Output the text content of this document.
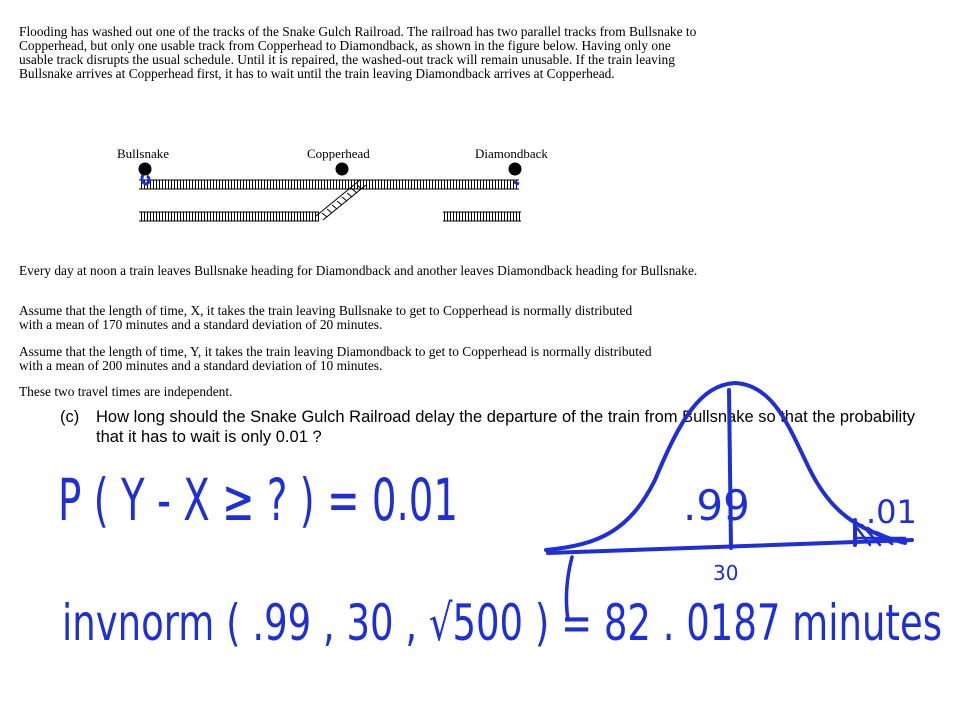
Flooding has washed out one of the tracks of the Snake Gulch Railroad. The railroad has two parallel tracks from Bullsnake to Copperhead, but only one usable track from Copperhead to Diamondback, as shown in the figure below. Having only one usable track disrupts the usual schedule. Until it is repaired, the washed-out track will remain unusable. If the train leaving Bullsnake arrives at Copperhead first, it has to wait until the train leaving Diamondback arrives at Copperhead.

Bullsnake	Copperhead	Diamondback

Every day at noon a train leaves Bullsnake heading for Diamondback and another leaves Diamondback heading for Bullsnake.

Assume that the length of time, X, it takes the train leaving Bullsnake to get to Copperhead is normally distributed with a mean of 170 minutes and a standard deviation of 20 minutes.

Assume that the length of time, Y, it takes the train leaving Diamondback to get to Copperhead is normally distributed with a mean of 200 minutes and a standard deviation of 10 minutes.

These two travel times are independent.

(c) How long should the Snake Gulch Railroad delay the departure of the train from Bullsnake so that the probability that it has to wait is only 0.01 ?
.99	.01
30
P ( Y - X ≥ ? ) = 0.01
invnorm ( .99 , 30 , √500 ) = 82 . 0187 minutes
